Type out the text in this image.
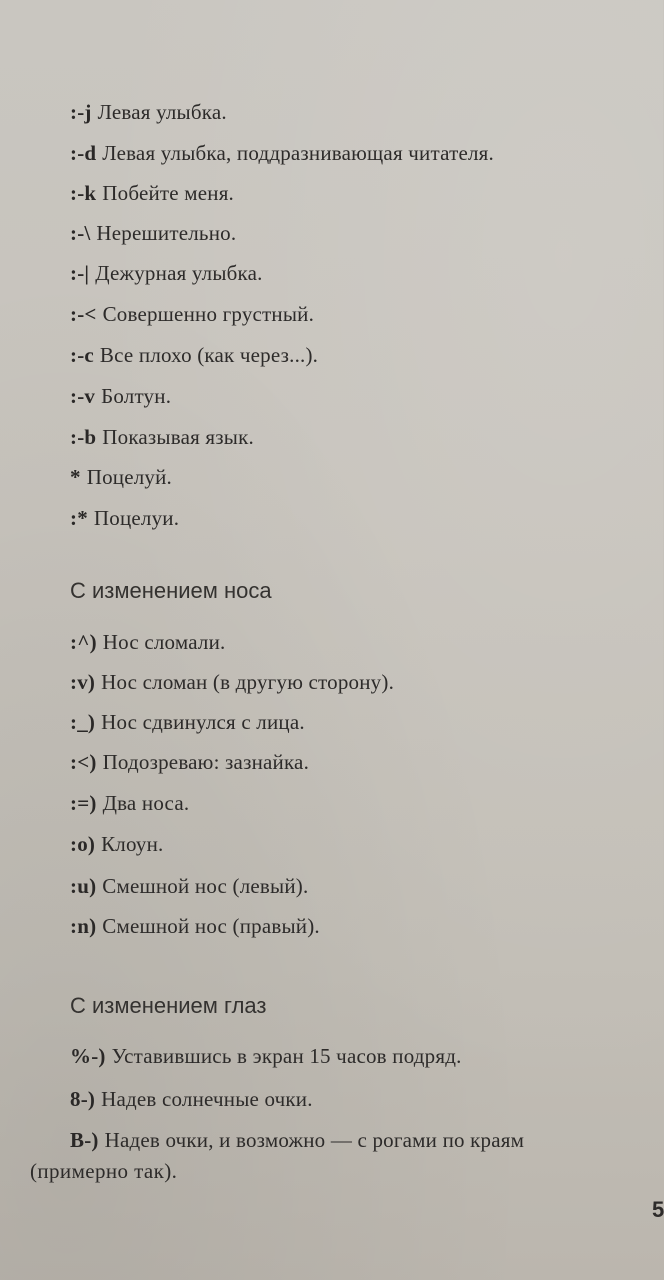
:-j Левая улыбка.
:-d Левая улыбка, поддразнивающая читателя.
:-k Побейте меня.
:-\ Нерешительно.
:-| Дежурная улыбка.
:-< Совершенно грустный.
:-c Все плохо (как через...).
:-v Болтун.
:-b Показывая язык.
* Поцелуй.
:* Поцелуи.
С изменением носа
:^) Нос сломали.
:v) Нос сломан (в другую сторону).
:_) Нос сдвинулся с лица.
:<) Подозреваю: зазнайка.
:=) Два носа.
:o) Клоун.
:u) Смешной нос (левый).
:n) Смешной нос (правый).
С изменением глаз
%-) Уставившись в экран 15 часов подряд.
8-) Надев солнечные очки.
B-) Надев очки, и возможно — с рогами по краям
(примерно так).
5
